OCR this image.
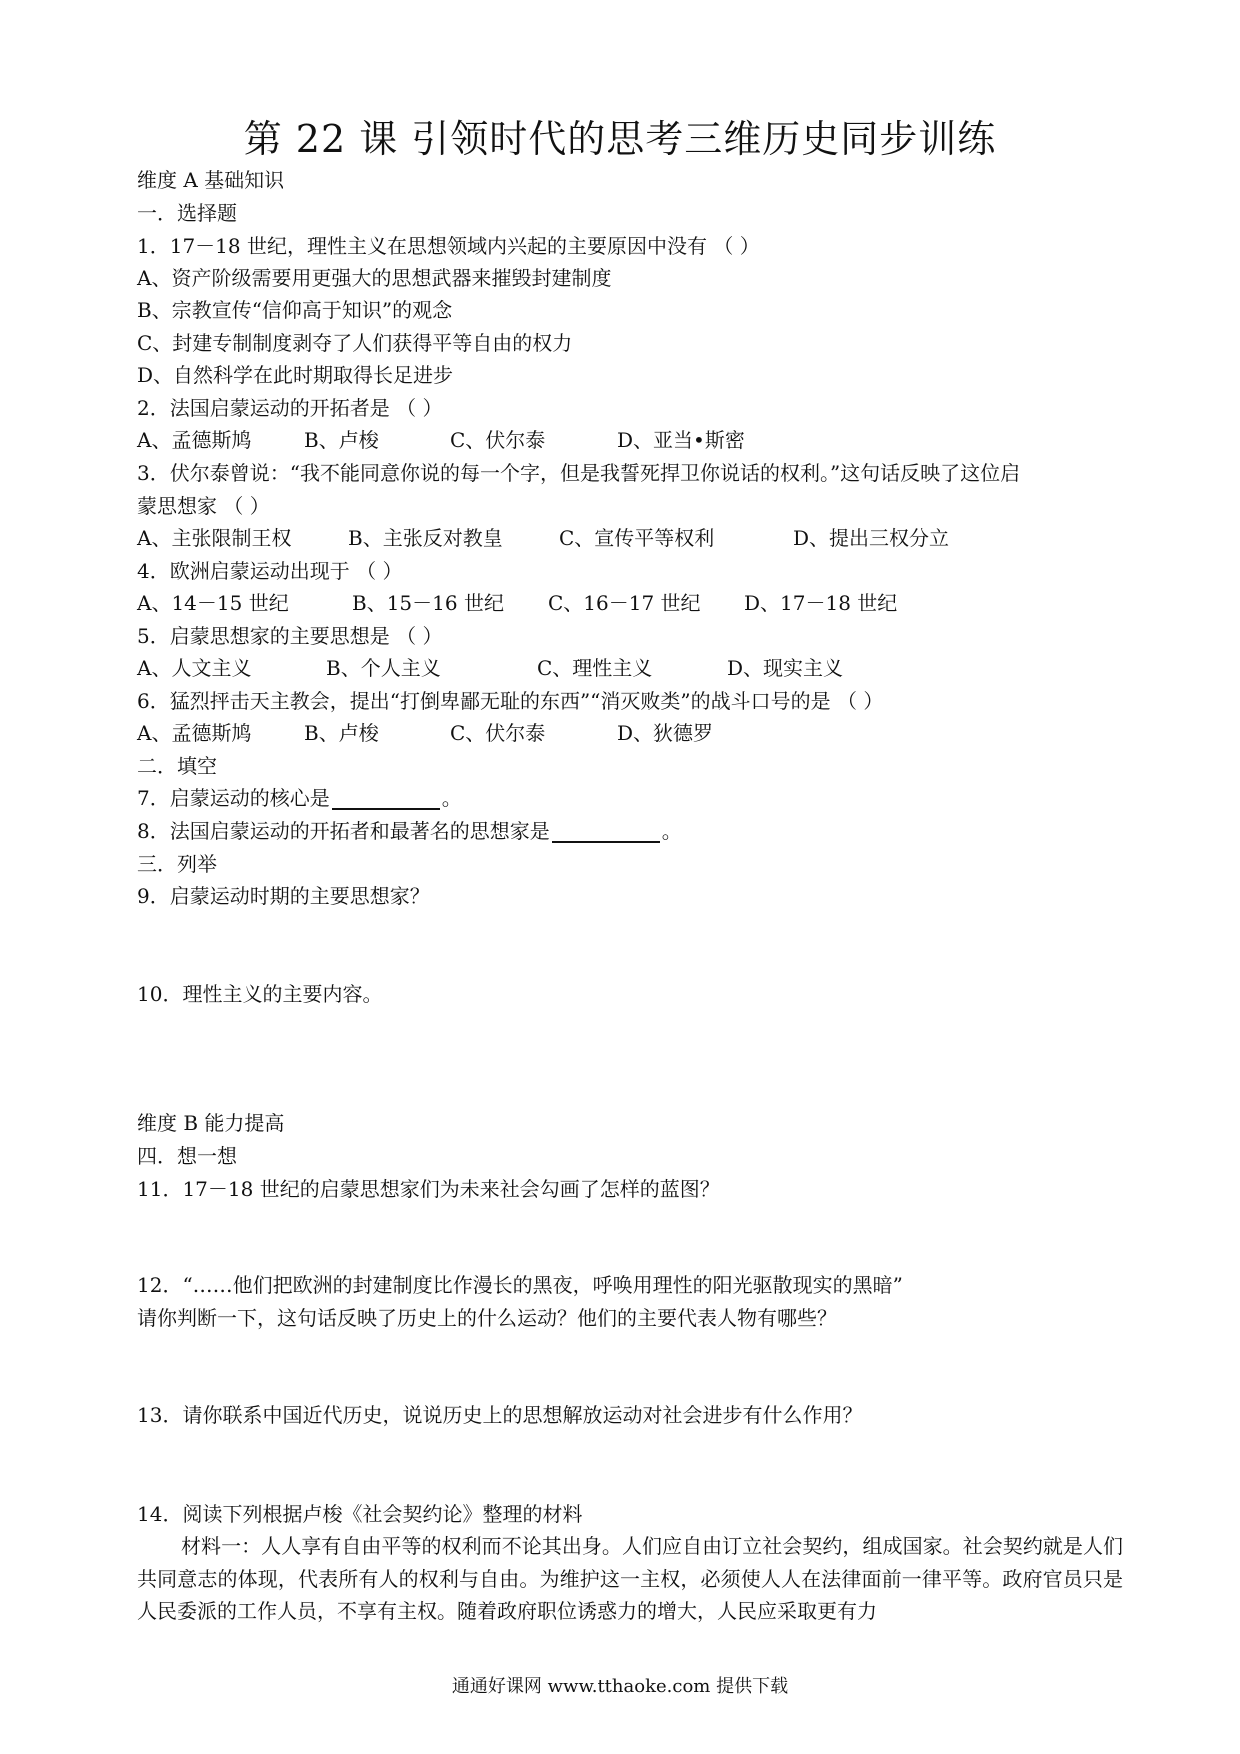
第 22 课 引领时代的思考三维历史同步训练
维度 A 基础知识
一．选择题
1．17－18 世纪，理性主义在思想领域内兴起的主要原因中没有 （ ）
A、资产阶级需要用更强大的思想武器来摧毁封建制度
B、宗教宣传“信仰高于知识”的观念
C、封建专制制度剥夺了人们获得平等自由的权力
D、自然科学在此时期取得长足进步
2．法国启蒙运动的开拓者是 （ ）
A、孟德斯鸠	B、卢梭	C、伏尔泰	D、亚当•斯密
3．伏尔泰曾说：“我不能同意你说的每一个字，但是我誓死捍卫你说话的权利。”这句话反映了这位启
蒙思想家 （ ）
A、主张限制王权	B、主张反对教皇	C、宣传平等权利	D、提出三权分立
4．欧洲启蒙运动出现于 （ ）
A、14－15 世纪	B、15－16 世纪 C、16－17 世纪 D、17－18 世纪
5．启蒙思想家的主要思想是 （ ）
A、人文主义	B、个人主义	C、理性主义	D、现实主义
6．猛烈抨击天主教会，提出“打倒卑鄙无耻的东西”“消灭败类”的战斗口号的是 （ ）
A、孟德斯鸠	B、卢梭	C、伏尔泰	D、狄德罗
二．填空
7．启蒙运动的核心是	。
8．法国启蒙运动的开拓者和最著名的思想家是	。
三．列举
9．启蒙运动时期的主要思想家？
10．理性主义的主要内容。
维度 B 能力提高
四．想一想
11．17－18 世纪的启蒙思想家们为未来社会勾画了怎样的蓝图？
12．“……他们把欧洲的封建制度比作漫长的黑夜，呼唤用理性的阳光驱散现实的黑暗”
请你判断一下，这句话反映了历史上的什么运动？他们的主要代表人物有哪些？
13．请你联系中国近代历史，说说历史上的思想解放运动对社会进步有什么作用？
14．阅读下列根据卢梭《社会契约论》整理的材料
材料一：人人享有自由平等的权利而不论其出身。人们应自由订立社会契约，组成国家。社会契约就是人们共同意志的体现，代表所有人的权利与自由。为维护这一主权，必须使人人在法律面前一律平等。政府官员只是人民委派的工作人员，不享有主权。随着政府职位诱惑力的增大，人民应采取更有力
通通好课网 www.tthaoke.com 提供下载
